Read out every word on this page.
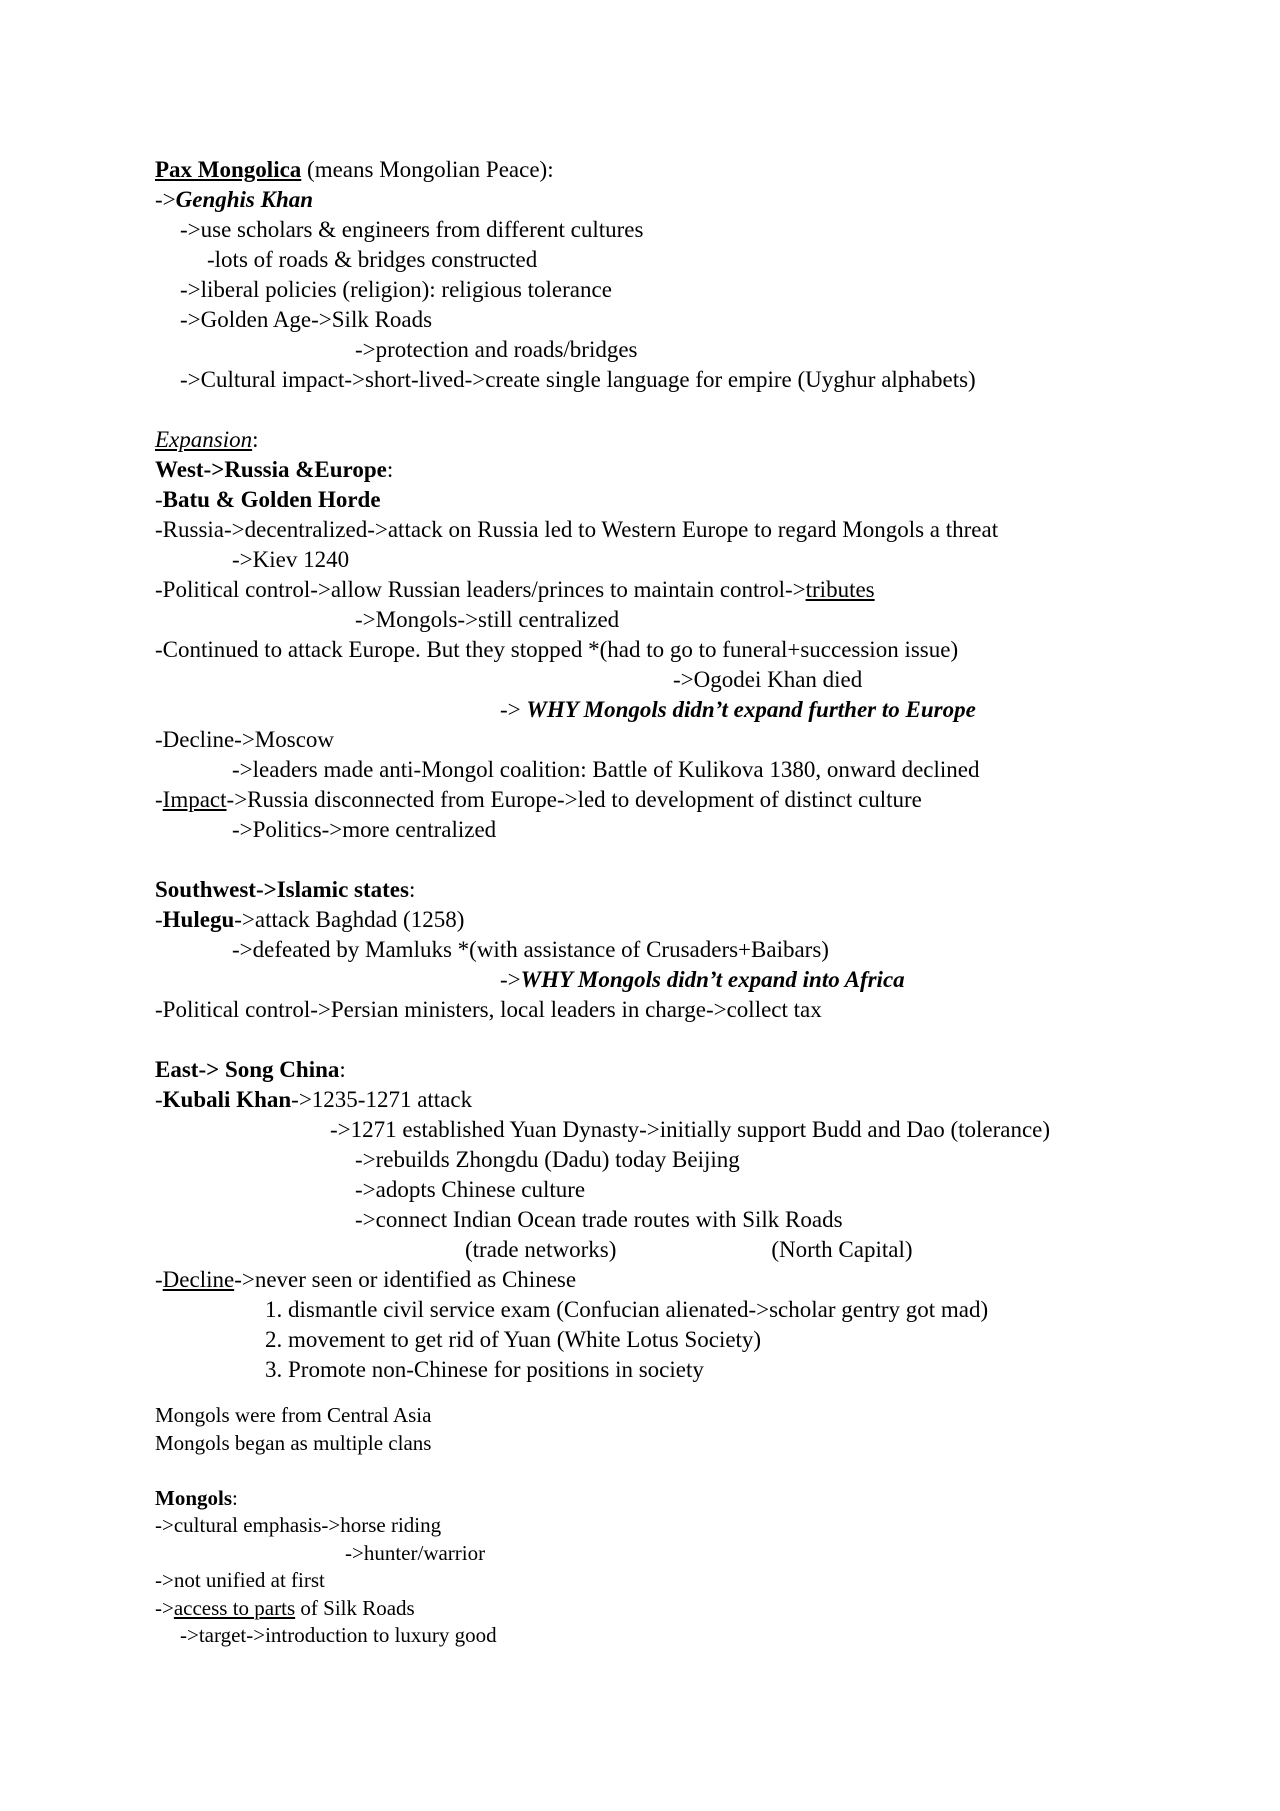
Pax Mongolica (means Mongolian Peace):
->Genghis Khan
->use scholars & engineers from different cultures
-lots of roads & bridges constructed
->liberal policies (religion): religious tolerance
->Golden Age->Silk Roads
->protection and roads/bridges
->Cultural impact->short-lived->create single language for empire (Uyghur alphabets)
Expansion:
West->Russia &Europe:
-Batu & Golden Horde
-Russia->decentralized->attack on Russia led to Western Europe to regard Mongols a threat
->Kiev 1240
-Political control->allow Russian leaders/princes to maintain control->tributes
->Mongols->still centralized
-Continued to attack Europe. But they stopped *(had to go to funeral+succession issue)
->Ogodei Khan died
-> WHY Mongols didn’t expand further to Europe
-Decline->Moscow
->leaders made anti-Mongol coalition: Battle of Kulikova 1380, onward declined
-Impact->Russia disconnected from Europe->led to development of distinct culture
->Politics->more centralized
Southwest->Islamic states:
-Hulegu->attack Baghdad (1258)
->defeated by Mamluks *(with assistance of Crusaders+Baibars)
->WHY Mongols didn’t expand into Africa
-Political control->Persian ministers, local leaders in charge->collect tax
East-> Song China:
-Kubali Khan->1235-1271 attack
->1271 established Yuan Dynasty->initially support Budd and Dao (tolerance)
->rebuilds Zhongdu (Dadu) today Beijing
->adopts Chinese culture
->connect Indian Ocean trade routes with Silk Roads
(trade networks)	(North Capital)
-Decline->never seen or identified as Chinese
1. dismantle civil service exam (Confucian alienated->scholar gentry got mad)
2. movement to get rid of Yuan (White Lotus Society)
3. Promote non-Chinese for positions in society
Mongols were from Central Asia
Mongols began as multiple clans
Mongols:
->cultural emphasis->horse riding
->hunter/warrior
->not unified at first
->access to parts of Silk Roads
->target->introduction to luxury good
